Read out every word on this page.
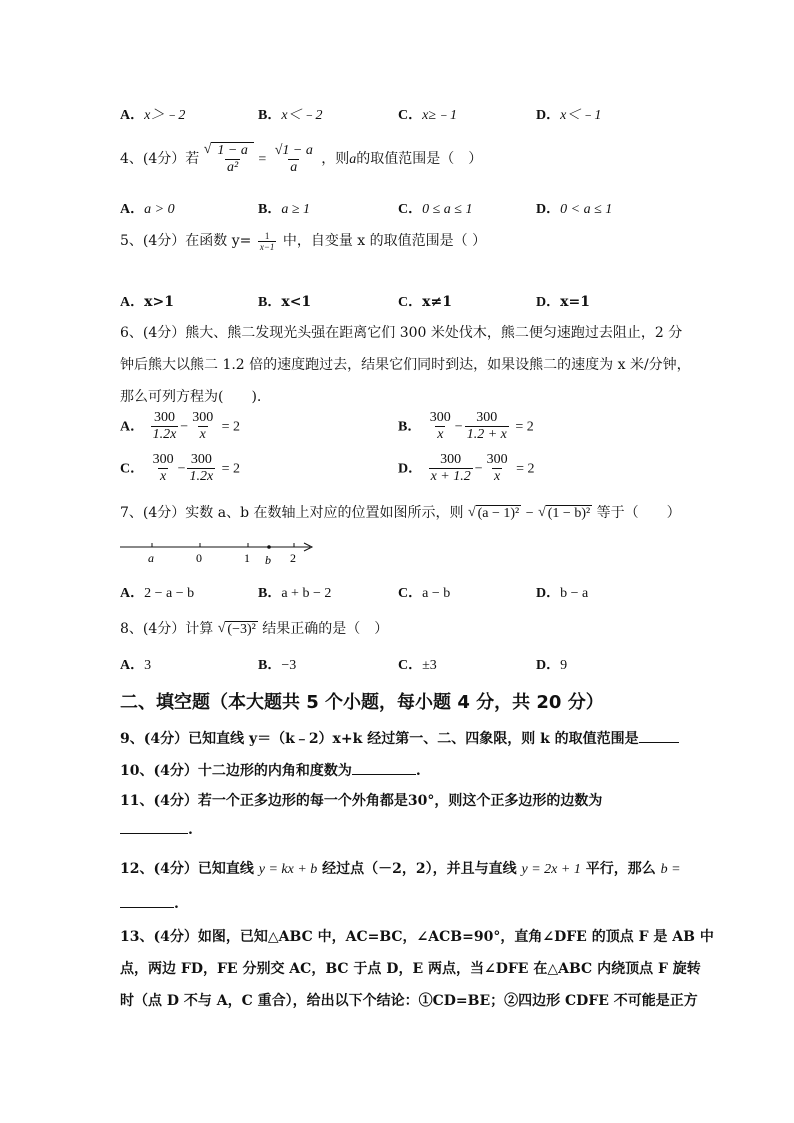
A．x＞﹣2	B．x＜﹣2	C．x≥﹣1	D．x＜﹣1
4、(4分）若 √ $\frac{1 - a}{\text{a²}} = \frac{√1 - a}{a}$ ，则a的取值范围是（　）
A．a > 0	B．a ≥ 1	C．0 ≤ a ≤ 1	D．0 < a ≤ 1
5、(4分）在函数 $y= \frac{1}{x-1}$ 中，自变量 x 的取值范围是（ ）
A．x>1	B．x<1	C．x≠1	D．x=1
6、(4分）熊大、熊二发现光头强在距离它们 300 米处伐木，熊二便匀速跑过去阻止，2 分
钟后熊大以熊二 1.2 倍的速度跑过去，结果它们同时到达，如果设熊二的速度为 x 米/分钟，
那么可列方程为(　　).
A． $\frac{300}{1.2x} - \frac{300}{x} = 2$	B． $\frac{300}{x} - \frac{300}{1.2 + x} = 2$
C． $\frac{300}{x} - \frac{300}{1.2x} = 2$	D． $\frac{300}{x + 1.2} - \frac{300}{x} = 2$
7、(4分）实数 a、b 在数轴上对应的位置如图所示，则 √ (a − 1)² − √ (1 − b)² 等于（　　）
a	0	1 b 2
A．2 − a − b	B．a + b − 2	C．a − b	D．b − a
8、(4分）计算 √ (−3)² 结果正确的是（　）
A．3	B．−3	C．±3	D．9
二、填空题（本大题共 5 个小题，每小题 4 分，共 20 分）
9、(4分）已知直线 y＝（k﹣2）x+k 经过第一、二、四象限，则 k 的取值范围是
10、(4分）十二边形的内角和度数为	.
11、(4分）若一个正多边形的每一个外角都是30°，则这个正多边形的边数为
.
12、(4分）已知直线 y = kx + b 经过点（－2，2），并且与直线 y = 2x + 1 平行，那么 b =
.
13、(4分）如图，已知△ABC 中，AC=BC，∠ACB=90°，直角∠DFE 的顶点 F 是 AB 中
点，两边 FD，FE 分别交 AC，BC 于点 D，E 两点，当∠DFE 在△ABC 内绕顶点 F 旋转
时（点 D 不与 A，C 重合），给出以下个结论：①CD=BE；②四边形 CDFE 不可能是正方
